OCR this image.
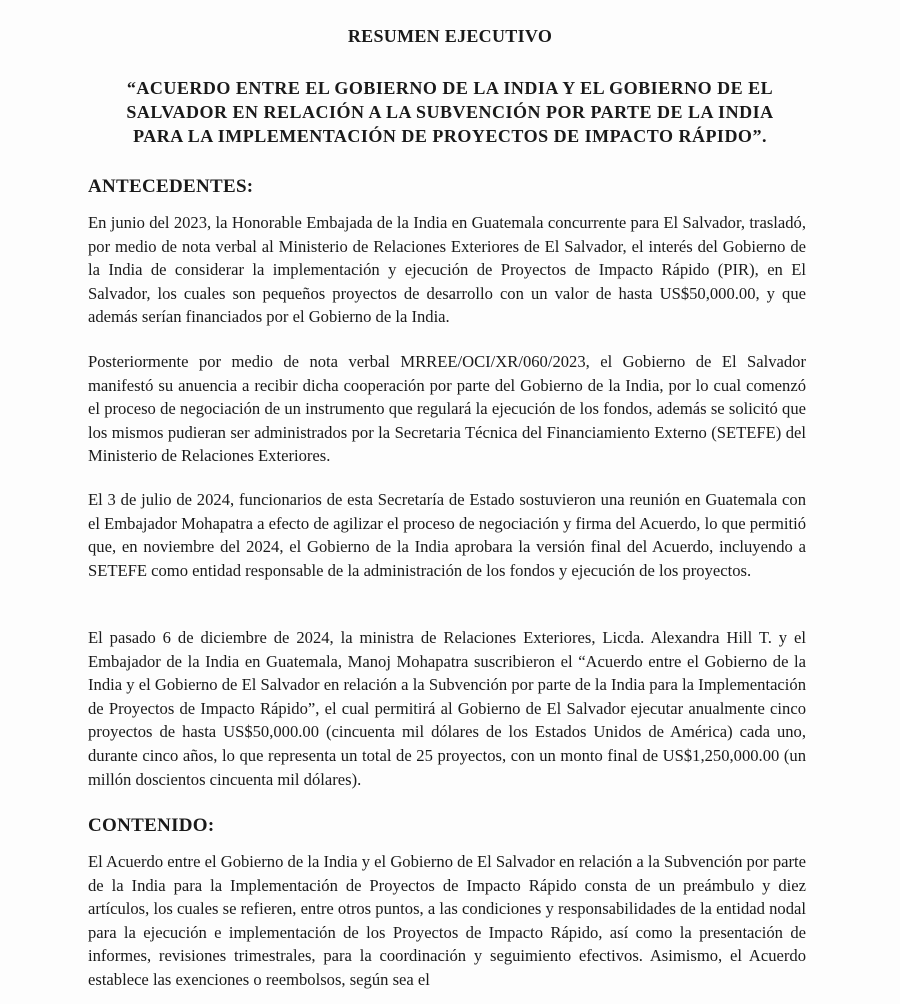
RESUMEN EJECUTIVO
“ACUERDO ENTRE EL GOBIERNO DE LA INDIA Y EL GOBIERNO DE EL SALVADOR EN RELACIÓN A LA SUBVENCIÓN POR PARTE DE LA INDIA PARA LA IMPLEMENTACIÓN DE PROYECTOS DE IMPACTO RÁPIDO”.
ANTECEDENTES:

En junio del 2023, la Honorable Embajada de la India en Guatemala concurrente para El Salvador, trasladó, por medio de nota verbal al Ministerio de Relaciones Exteriores de El Salvador, el interés del Gobierno de la India de considerar la implementación y ejecución de Proyectos de Impacto Rápido (PIR), en El Salvador, los cuales son pequeños proyectos de desarrollo con un valor de hasta US$50,000.00, y que además serían financiados por el Gobierno de la India.

Posteriormente por medio de nota verbal MRREE/OCI/XR/060/2023, el Gobierno de El Salvador manifestó su anuencia a recibir dicha cooperación por parte del Gobierno de la India, por lo cual comenzó el proceso de negociación de un instrumento que regulará la ejecución de los fondos, además se solicitó que los mismos pudieran ser administrados por la Secretaria Técnica del Financiamiento Externo (SETEFE) del Ministerio de Relaciones Exteriores.

El 3 de julio de 2024, funcionarios de esta Secretaría de Estado sostuvieron una reunión en Guatemala con el Embajador Mohapatra a efecto de agilizar el proceso de negociación y firma del Acuerdo, lo que permitió que, en noviembre del 2024, el Gobierno de la India aprobara la versión final del Acuerdo, incluyendo a SETEFE como entidad responsable de la administración de los fondos y ejecución de los proyectos.

El pasado 6 de diciembre de 2024, la ministra de Relaciones Exteriores, Licda. Alexandra Hill T. y el Embajador de la India en Guatemala, Manoj Mohapatra suscribieron el “Acuerdo entre el Gobierno de la India y el Gobierno de El Salvador en relación a la Subvención por parte de la India para la Implementación de Proyectos de Impacto Rápido”, el cual permitirá al Gobierno de El Salvador ejecutar anualmente cinco proyectos de hasta US$50,000.00 (cincuenta mil dólares de los Estados Unidos de América) cada uno, durante cinco años, lo que representa un total de 25 proyectos, con un monto final de US$1,250,000.00 (un millón doscientos cincuenta mil dólares).

CONTENIDO:

El Acuerdo entre el Gobierno de la India y el Gobierno de El Salvador en relación a la Subvención por parte de la India para la Implementación de Proyectos de Impacto Rápido consta de un preámbulo y diez artículos, los cuales se refieren, entre otros puntos, a las condiciones y responsabilidades de la entidad nodal para la ejecución e implementación de los Proyectos de Impacto Rápido, así como la presentación de informes, revisiones trimestrales, para la coordinación y seguimiento efectivos. Asimismo, el Acuerdo establece las exenciones o reembolsos, según sea el
